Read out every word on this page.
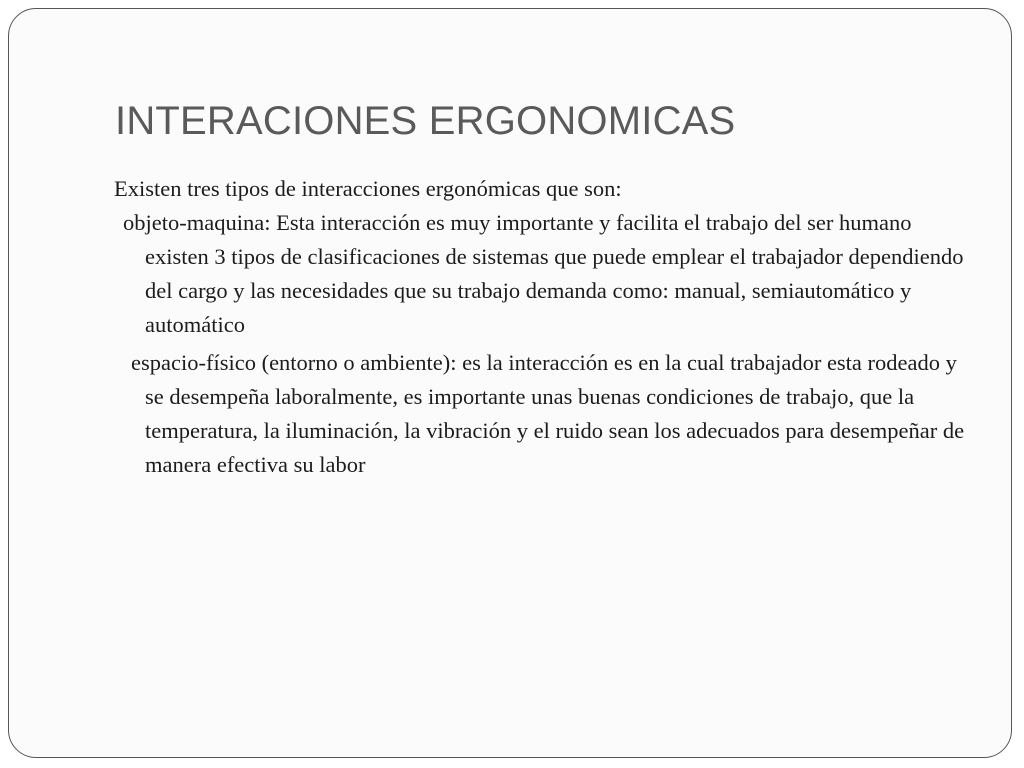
INTERACIONES ERGONOMICAS

Existen tres tipos de interacciones ergonómicas que son:

objeto-maquina: Esta interacción es muy importante y facilita el trabajo del ser humano existen 3 tipos de clasificaciones de sistemas que puede emplear el trabajador dependiendo del cargo y las necesidades que su trabajo demanda como: manual, semiautomático y automático

espacio-físico (entorno o ambiente): es la interacción es en la cual trabajador esta rodeado y se desempeña laboralmente, es importante unas buenas condiciones de trabajo, que la temperatura, la iluminación, la vibración y el ruido sean los adecuados para desempeñar de manera efectiva su labor
